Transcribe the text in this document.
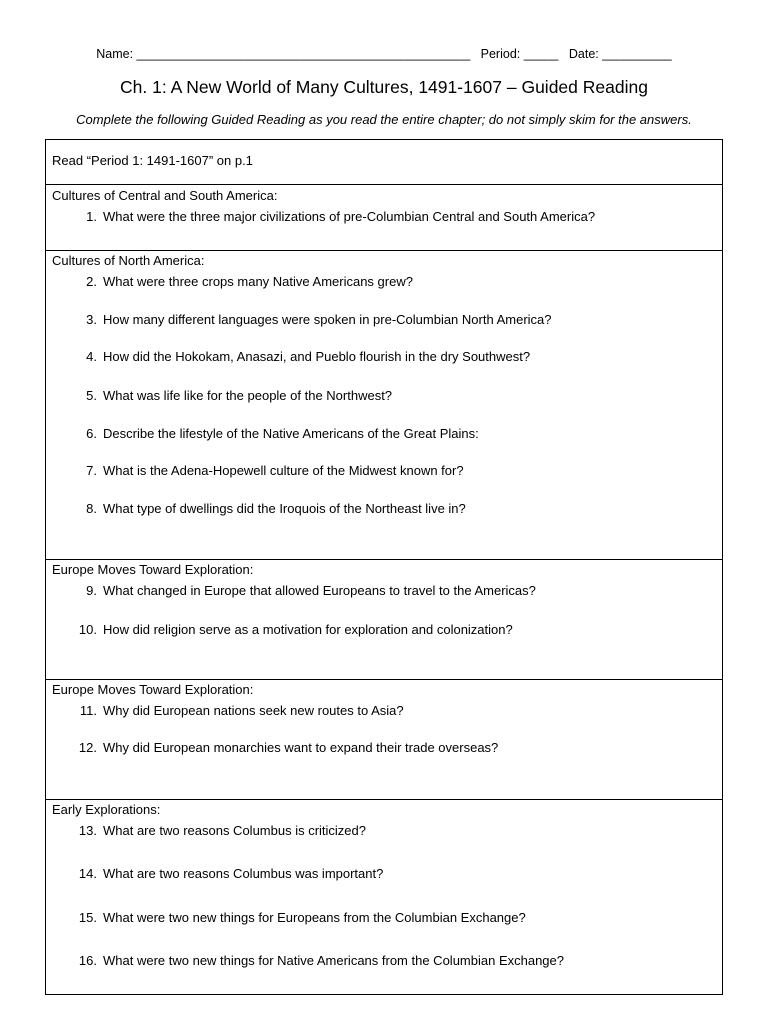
Name: ________________________________________________   Period: _____   Date: __________
Ch. 1: A New World of Many Cultures, 1491-1607 – Guided Reading
Complete the following Guided Reading as you read the entire chapter; do not simply skim for the answers.
Read “Period 1: 1491-1607” on p.1
Cultures of Central and South America:
1. What were the three major civilizations of pre-Columbian Central and South America?
Cultures of North America:
2. What were three crops many Native Americans grew?
3. How many different languages were spoken in pre-Columbian North America?
4. How did the Hokokam, Anasazi, and Pueblo flourish in the dry Southwest?
5. What was life like for the people of the Northwest?
6. Describe the lifestyle of the Native Americans of the Great Plains:
7. What is the Adena-Hopewell culture of the Midwest known for?
8. What type of dwellings did the Iroquois of the Northeast live in?
Europe Moves Toward Exploration:
9. What changed in Europe that allowed Europeans to travel to the Americas?
10. How did religion serve as a motivation for exploration and colonization?
Europe Moves Toward Exploration:
11. Why did European nations seek new routes to Asia?
12. Why did European monarchies want to expand their trade overseas?
Early Explorations:
13. What are two reasons Columbus is criticized?
14. What are two reasons Columbus was important?
15. What were two new things for Europeans from the Columbian Exchange?
16. What were two new things for Native Americans from the Columbian Exchange?
